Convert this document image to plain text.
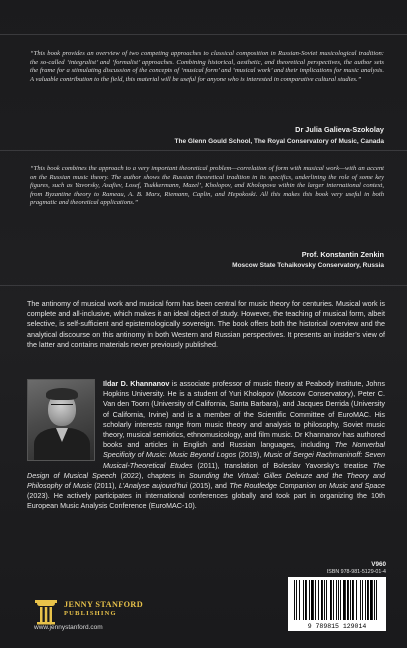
“This book provides an overview of two competing approaches to classical composition in Russian-Soviet musicological tradition: the so-called ‘integralist’ and ‘formalist’ approaches. Combining historical, aesthetic, and theoretical perspectives, the author sets the frame for a stimulating discussion of the concepts of ‘musical form’ and ‘musical work’ and their implications for music analysis. A valuable contribution to the field, this material will be useful for anyone who is interested in comparative cultural studies.”

Dr Julia Galieva-Szokolay
The Glenn Gould School, The Royal Conservatory of Music, Canada

“This book combines the approach to a very important theoretical problem—correlation of form with musical work—with an accent on the Russian music theory. The author shows the Russian theoretical tradition in its specifics, underlining the role of some key figures, such as Yavorsky, Asafiev, Losef, Tsukkermann, Mazel’, Kholopov, and Kholopova within the larger international context, from Byzantine theory to Rameau, A. B. Marx, Riemann, Caplin, and Hepokoski. All this makes this book very useful in both pragmatic and theoretical applications.”

Prof. Konstantin Zenkin
Moscow State Tchaikovsky Conservatory, Russia

The antinomy of musical work and musical form has been central for music theory for centuries. Musical work is complete and all-inclusive, which makes it an ideal object of study. However, the teaching of musical form, albeit selective, is self-sufficient and epistemologically sovereign. The book offers both the historical overview and the analytical discourse on this antinomy in both Western and Russian perspectives. It presents an insider’s view of the latter and contains materials never previously published.

Ildar D. Khannanov is associate professor of music theory at Peabody Institute, Johns Hopkins University. He is a student of Yuri Kholopov (Moscow Conservatory), Peter C. Van den Toorn (University of California, Santa Barbara), and Jacques Derrida (University of California, Irvine) and is a member of the Scientific Committee of EuroMAC. His scholarly interests range from music theory and analysis to philosophy, Soviet music theory, musical semiotics, ethnomusicology, and film music. Dr Khannanov has authored books and articles in English and Russian languages, including The Nonverbal Specificity of Music: Music Beyond Logos (2019), Music of Sergei Rachmaninoff: Seven Musical-Theoretical Etudes (2011), translation of Boleslav Yavorsky’s treatise The Design of Musical Speech (2022), chapters in Sounding the Virtual: Gilles Deleuze and the Theory and Philosophy of Music (2011), L’Analyse aujourd’hui (2015), and The Routledge Companion on Music and Space (2023). He actively participates in international conferences globally and took part in organizing the 10th European Music Analysis Conference (EuroMAC-10).
JENNY STANFORD
PUBLISHING
www.jennystanford.com
V960
ISBN 978-981-5129-01-4
9 789815 129014
